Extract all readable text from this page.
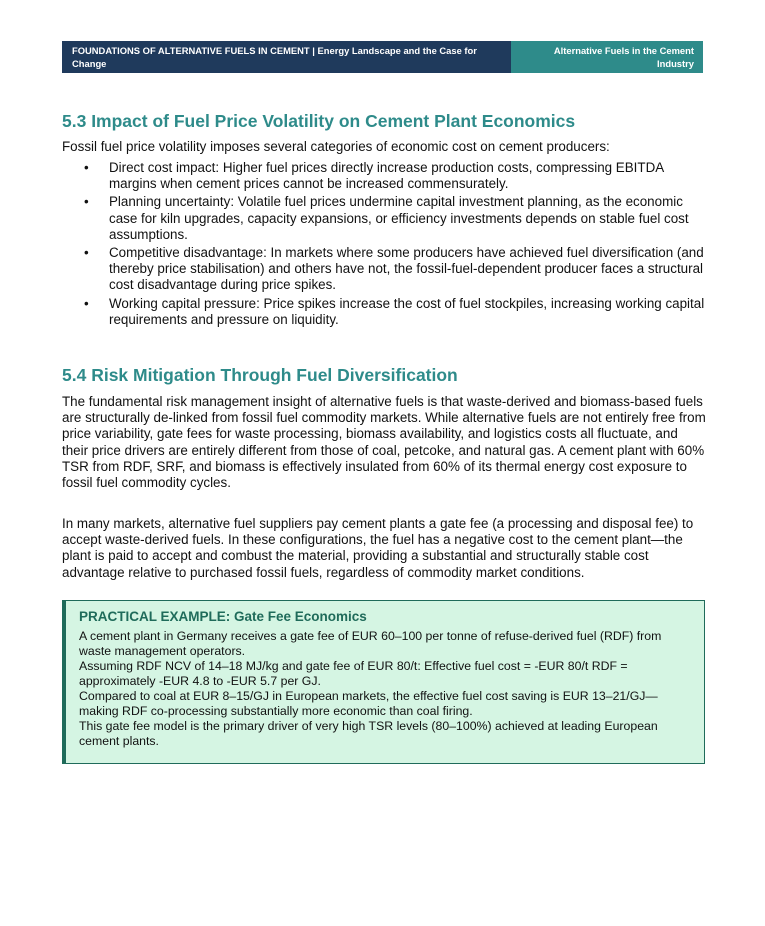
FOUNDATIONS OF ALTERNATIVE FUELS IN CEMENT | Energy Landscape and the Case for Change
Alternative Fuels in the Cement Industry
5.3 Impact of Fuel Price Volatility on Cement Plant Economics

Fossil fuel price volatility imposes several categories of economic cost on cement producers:

• Direct cost impact: Higher fuel prices directly increase production costs, compressing EBITDA margins when cement prices cannot be increased commensurately.
• Planning uncertainty: Volatile fuel prices undermine capital investment planning, as the economic case for kiln upgrades, capacity expansions, or efficiency investments depends on stable fuel cost assumptions.
• Competitive disadvantage: In markets where some producers have achieved fuel diversification (and thereby price stabilisation) and others have not, the fossil-fuel-dependent producer faces a structural cost disadvantage during price spikes.
• Working capital pressure: Price spikes increase the cost of fuel stockpiles, increasing working capital requirements and pressure on liquidity.
5.4 Risk Mitigation Through Fuel Diversification

The fundamental risk management insight of alternative fuels is that waste-derived and biomass-based fuels are structurally de-linked from fossil fuel commodity markets. While alternative fuels are not entirely free from price variability, gate fees for waste processing, biomass availability, and logistics costs all fluctuate, and their price drivers are entirely different from those of coal, petcoke, and natural gas. A cement plant with 60% TSR from RDF, SRF, and biomass is effectively insulated from 60% of its thermal energy cost exposure to fossil fuel commodity cycles.

In many markets, alternative fuel suppliers pay cement plants a gate fee (a processing and disposal fee) to accept waste-derived fuels. In these configurations, the fuel has a negative cost to the cement plant—the plant is paid to accept and combust the material, providing a substantial and structurally stable cost advantage relative to purchased fossil fuels, regardless of commodity market conditions.

PRACTICAL EXAMPLE: Gate Fee Economics

A cement plant in Germany receives a gate fee of EUR 60–100 per tonne of refuse-derived fuel (RDF) from waste management operators.

Assuming RDF NCV of 14–18 MJ/kg and gate fee of EUR 80/t: Effective fuel cost = -EUR 80/t RDF = approximately -EUR 4.8 to -EUR 5.7 per GJ.

Compared to coal at EUR 8–15/GJ in European markets, the effective fuel cost saving is EUR 13–21/GJ—making RDF co-processing substantially more economic than coal firing.

This gate fee model is the primary driver of very high TSR levels (80–100%) achieved at leading European cement plants.
